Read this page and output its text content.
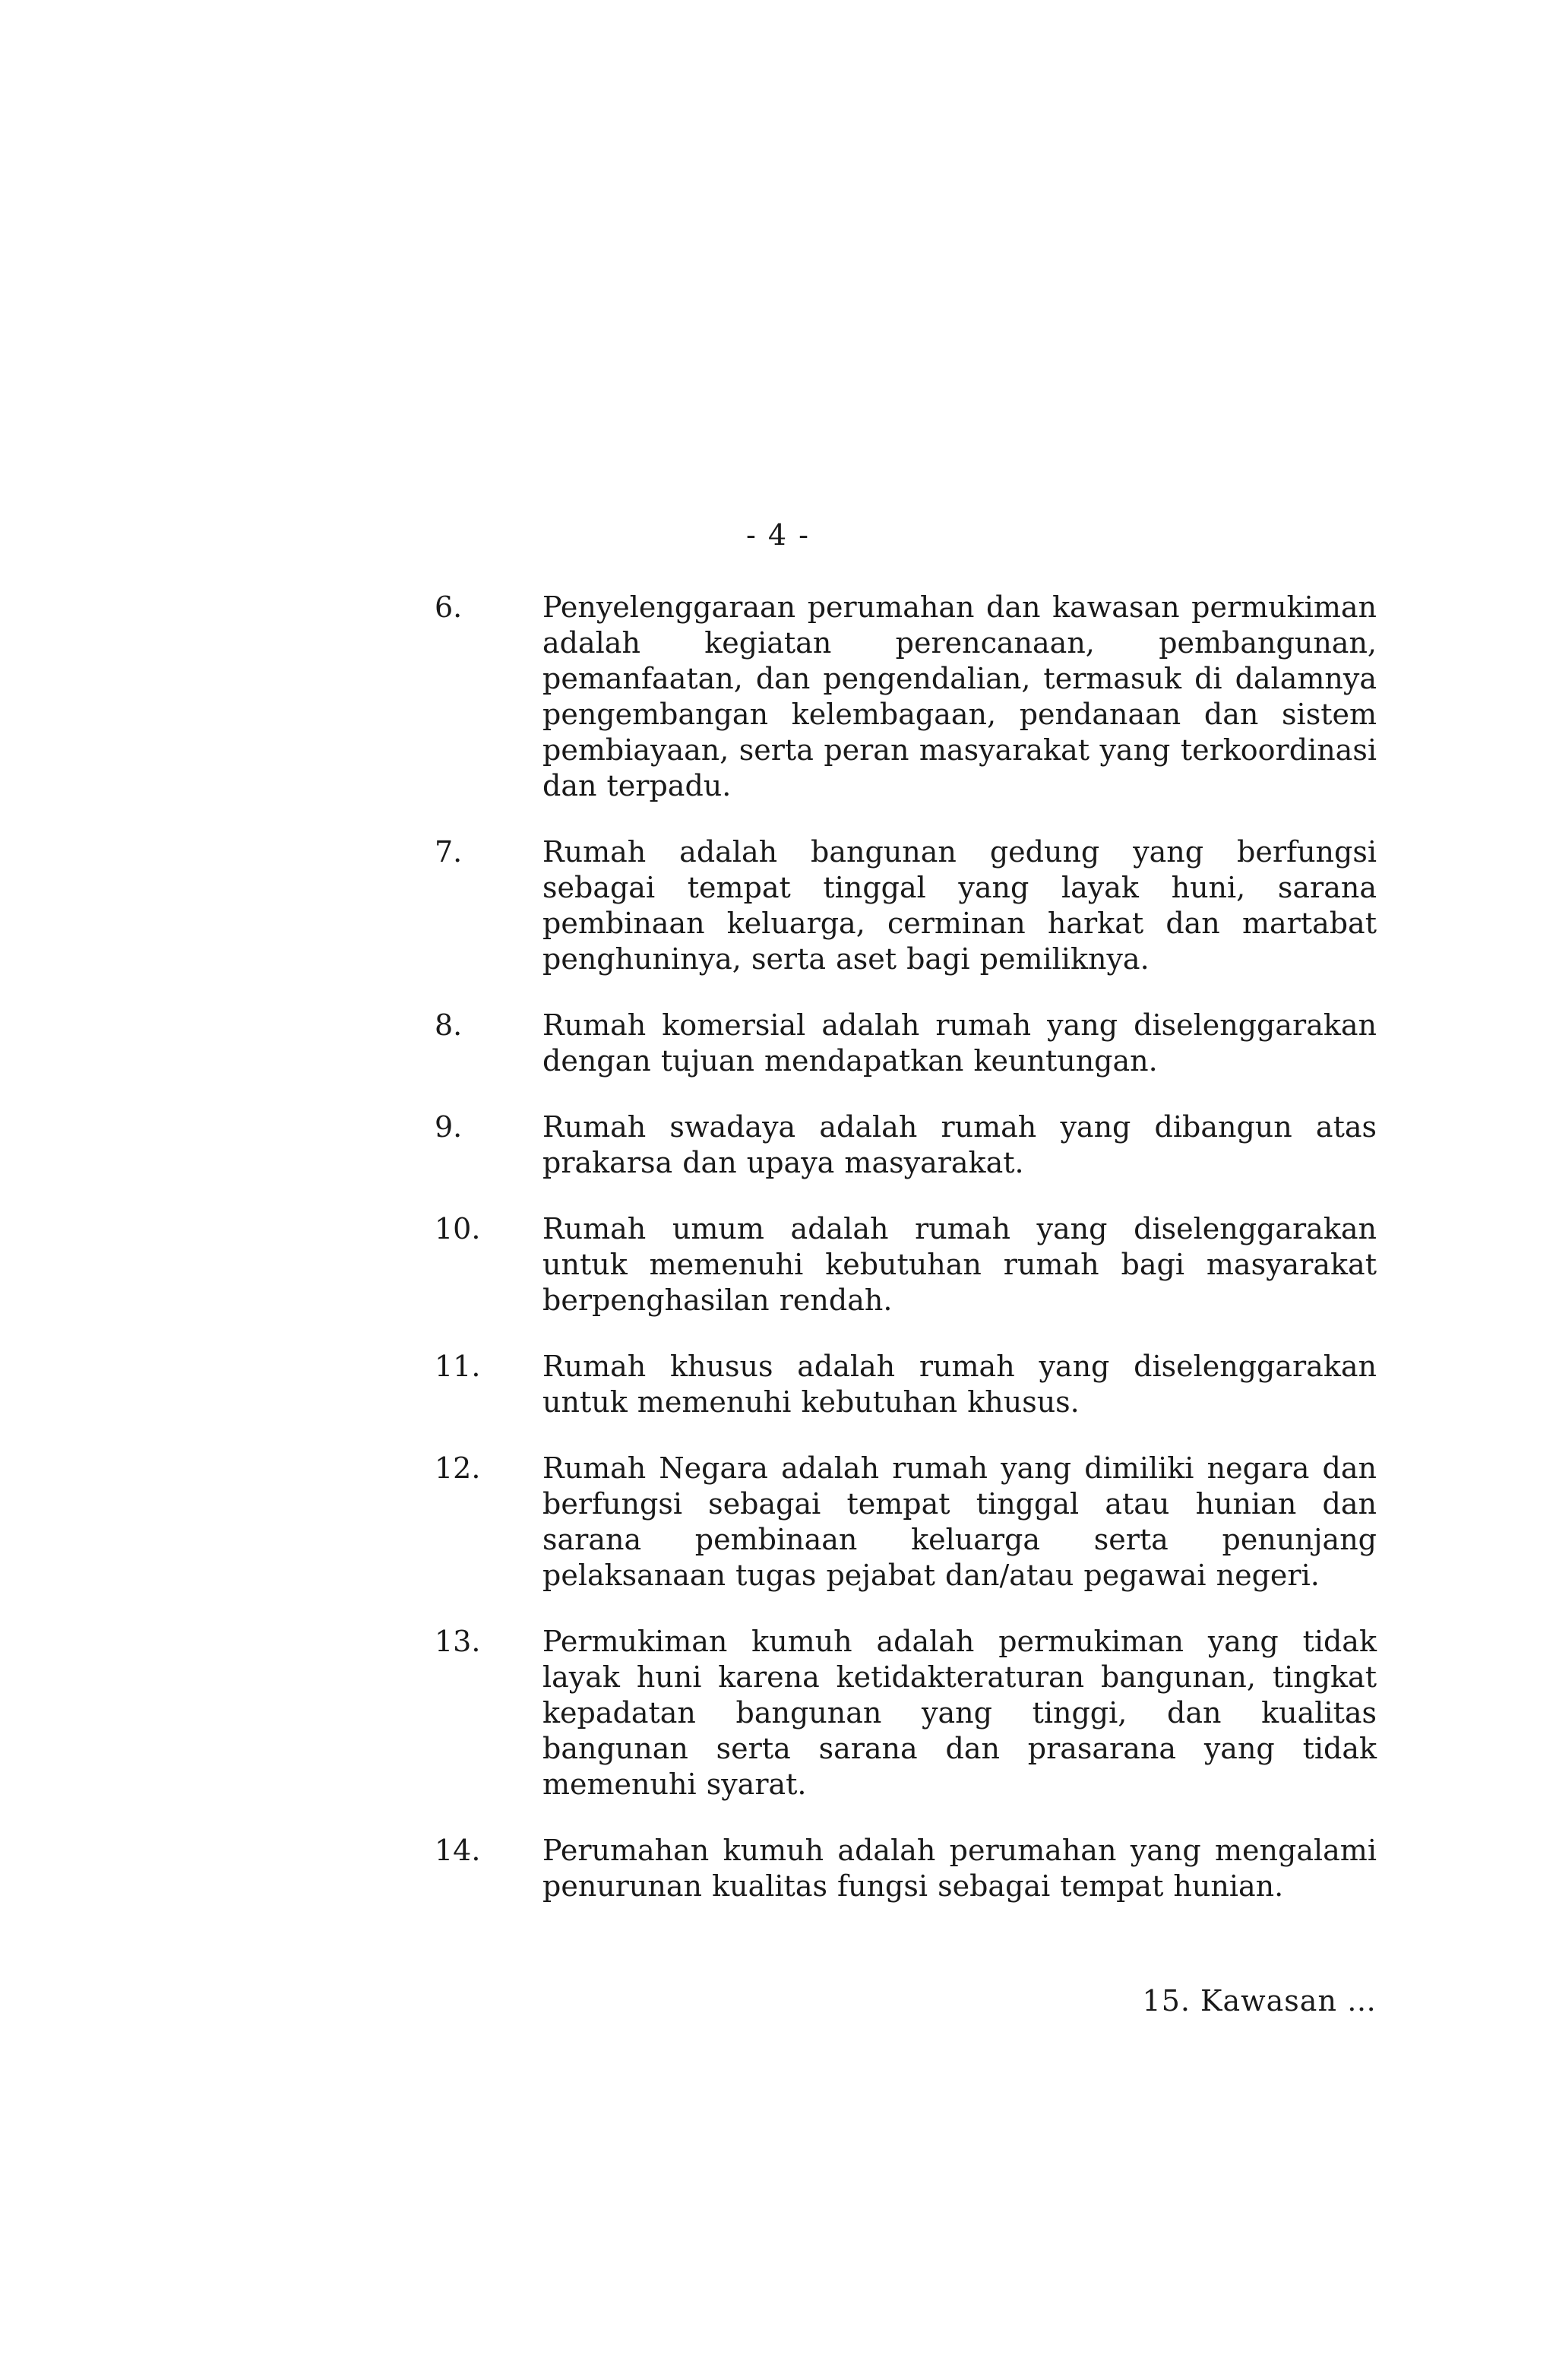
- 4 -
6.	Penyelenggaraan perumahan dan kawasan permukiman adalah kegiatan perencanaan, pembangunan, pemanfaatan, dan pengendalian, termasuk di dalamnya pengembangan kelembagaan, pendanaan dan sistem pembiayaan, serta peran masyarakat yang terkoordinasi dan terpadu.
7.	Rumah adalah bangunan gedung yang berfungsi sebagai tempat tinggal yang layak huni, sarana pembinaan keluarga, cerminan harkat dan martabat penghuninya, serta aset bagi pemiliknya.
8.	Rumah komersial adalah rumah yang diselenggarakan dengan tujuan mendapatkan keuntungan.
9.	Rumah swadaya adalah rumah yang dibangun atas prakarsa dan upaya masyarakat.
10.	Rumah umum adalah rumah yang diselenggarakan untuk memenuhi kebutuhan rumah bagi masyarakat berpenghasilan rendah.
11.	Rumah khusus adalah rumah yang diselenggarakan untuk memenuhi kebutuhan khusus.
12.	Rumah Negara adalah rumah yang dimiliki negara dan berfungsi sebagai tempat tinggal atau hunian dan sarana pembinaan keluarga serta penunjang pelaksanaan tugas pejabat dan/atau pegawai negeri.
13.	Permukiman kumuh adalah permukiman yang tidak layak huni karena ketidakteraturan bangunan, tingkat kepadatan bangunan yang tinggi, dan kualitas bangunan serta sarana dan prasarana yang tidak memenuhi syarat.
14.	Perumahan kumuh adalah perumahan yang mengalami penurunan kualitas fungsi sebagai tempat hunian.
15. Kawasan …
